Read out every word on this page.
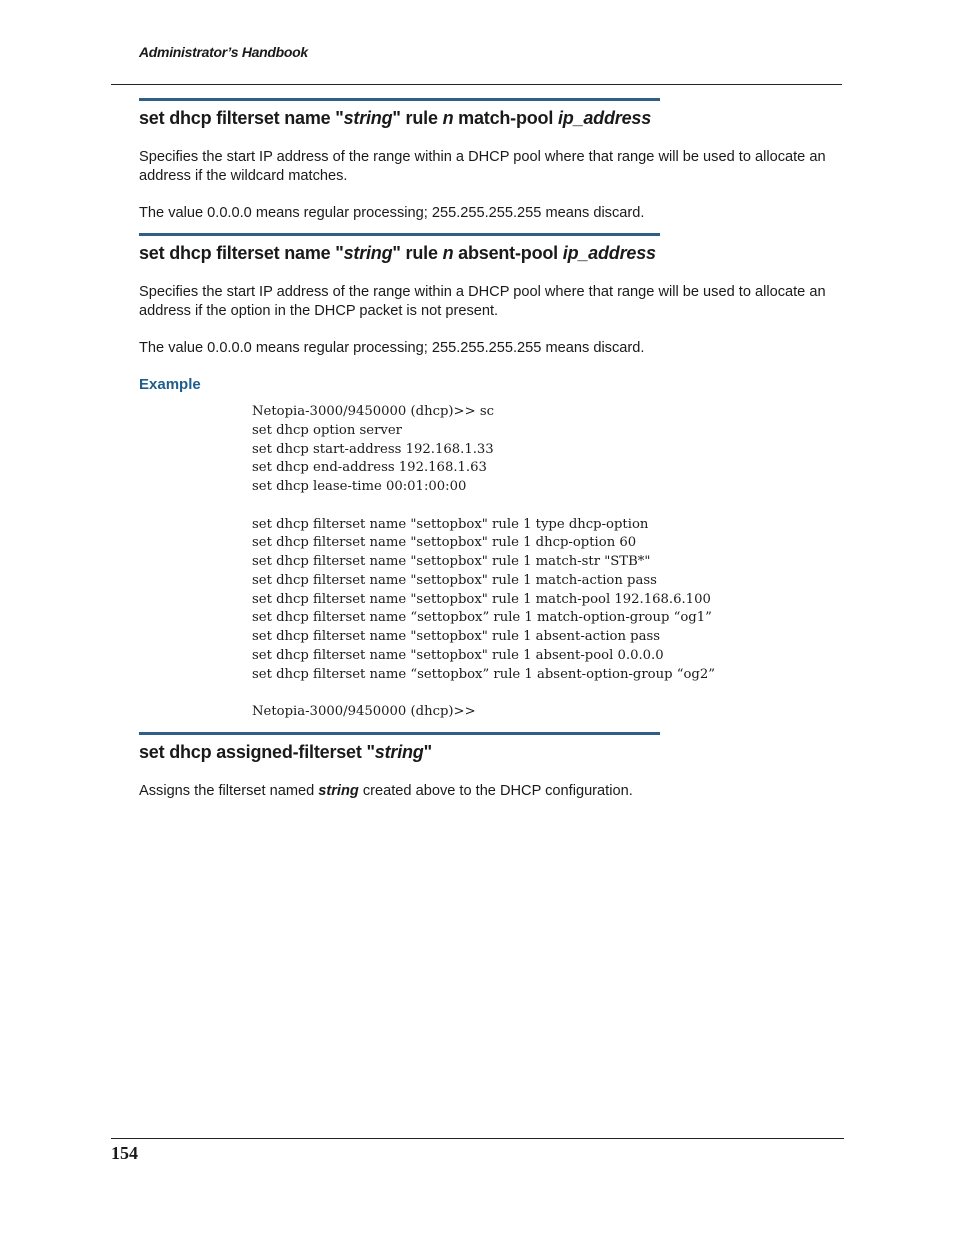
Administrator’s Handbook
set dhcp filterset name "string" rule n match-pool ip_address
Specifies the start IP address of the range within a DHCP pool where that range will be used to allocate an address if the wildcard matches.
The value 0.0.0.0 means regular processing; 255.255.255.255 means discard.
set dhcp filterset name "string" rule n absent-pool ip_address
Specifies the start IP address of the range within a DHCP pool where that range will be used to allocate an address if the option in the DHCP packet is not present.
The value 0.0.0.0 means regular processing; 255.255.255.255 means discard.
Example
Netopia-3000/9450000 (dhcp)>> sc
set dhcp option server
set dhcp start-address 192.168.1.33
set dhcp end-address 192.168.1.63
set dhcp lease-time 00:01:00:00
set dhcp filterset name "settopbox" rule 1 type dhcp-option
set dhcp filterset name "settopbox" rule 1 dhcp-option 60
set dhcp filterset name "settopbox" rule 1 match-str "STB*"
set dhcp filterset name "settopbox" rule 1 match-action pass
set dhcp filterset name "settopbox" rule 1 match-pool 192.168.6.100
set dhcp filterset name “settopbox” rule 1 match-option-group “og1”
set dhcp filterset name "settopbox" rule 1 absent-action pass
set dhcp filterset name "settopbox" rule 1 absent-pool 0.0.0.0
set dhcp filterset name “settopbox” rule 1 absent-option-group “og2”
Netopia-3000/9450000 (dhcp)>>
set dhcp assigned-filterset "string"
Assigns the filterset named string created above to the DHCP configuration.
154
